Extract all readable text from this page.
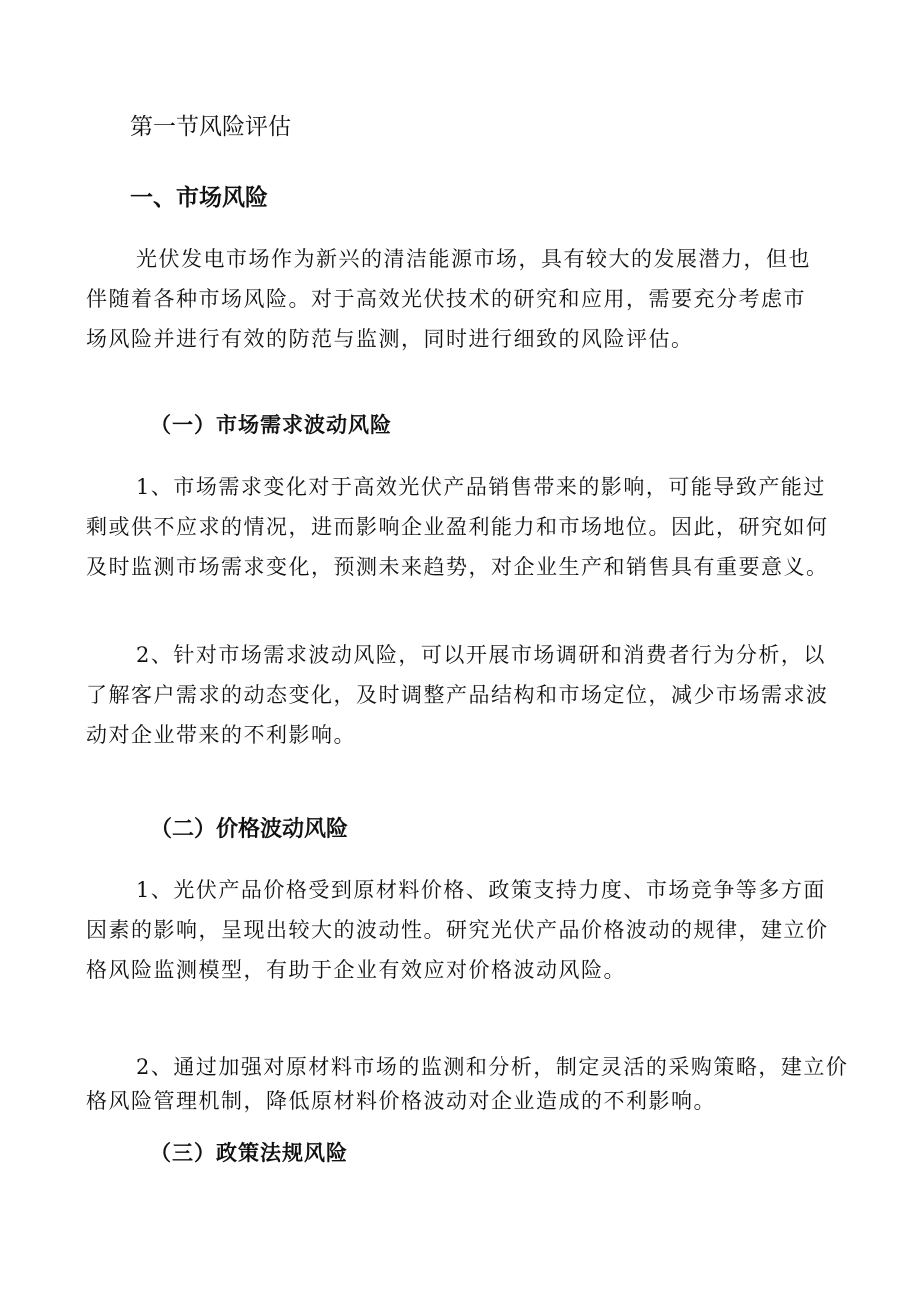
第一节风险评估
一、市场风险

光伏发电市场作为新兴的清洁能源市场，具有较大的发展潜力，但也
伴随着各种市场风险。对于高效光伏技术的研究和应用，需要充分考虑市
场风险并进行有效的防范与监测，同时进行细致的风险评估。

（一）市场需求波动风险

1、市场需求变化对于高效光伏产品销售带来的影响，可能导致产能过
剩或供不应求的情况，进而影响企业盈利能力和市场地位。因此，研究如何
及时监测市场需求变化，预测未来趋势，对企业生产和销售具有重要意义。

2、针对市场需求波动风险，可以开展市场调研和消费者行为分析，以
了解客户需求的动态变化，及时调整产品结构和市场定位，减少市场需求波
动对企业带来的不利影响。

（二）价格波动风险

1、光伏产品价格受到原材料价格、政策支持力度、市场竞争等多方面
因素的影响，呈现出较大的波动性。研究光伏产品价格波动的规律，建立价
格风险监测模型，有助于企业有效应对价格波动风险。

2、通过加强对原材料市场的监测和分析，制定灵活的采购策略，建立价
格风险管理机制，降低原材料价格波动对企业造成的不利影响。

（三）政策法规风险
